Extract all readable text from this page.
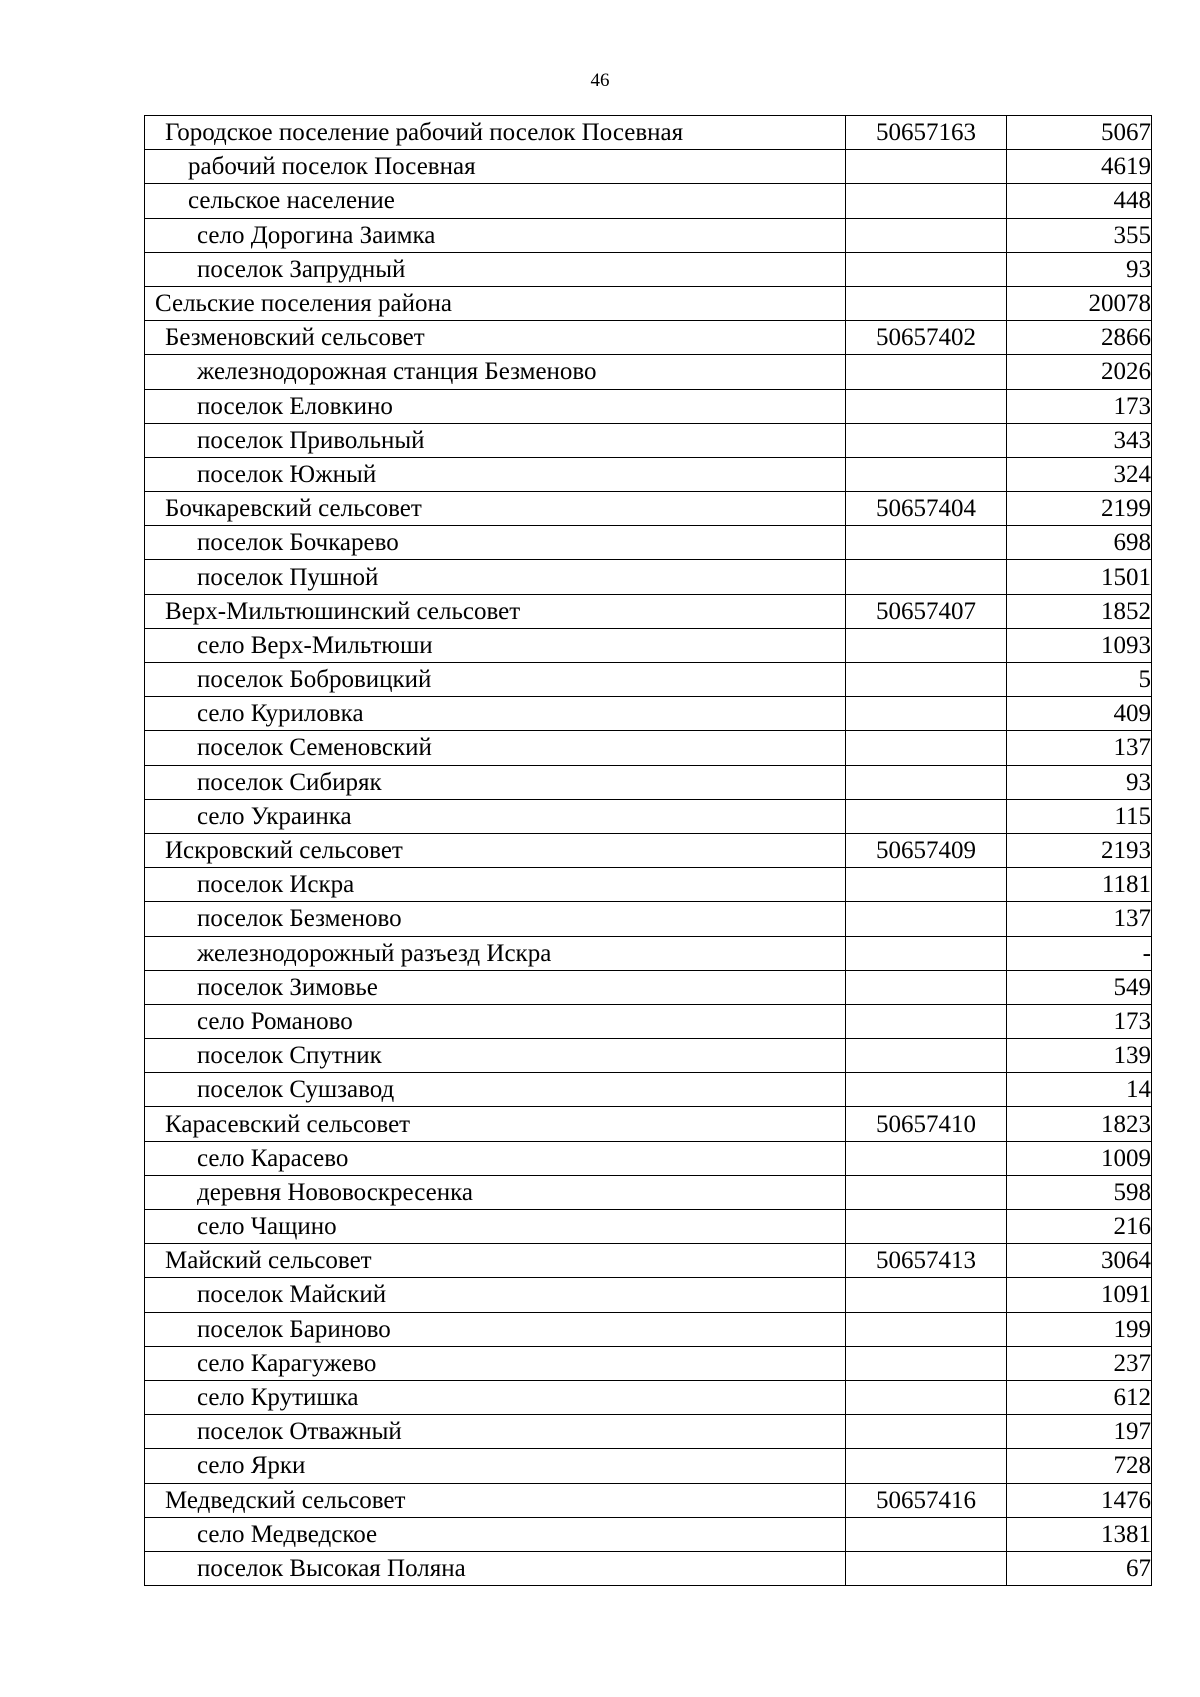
46
Городское поселение рабочий поселок Посевная	50657163	5067
рабочий поселок Посевная		4619
сельское население		448
село Дорогина Заимка		355
поселок Запрудный		93
Сельские поселения района		20078
Безменовский сельсовет	50657402	2866
железнодорожная станция Безменово		2026
поселок Еловкино		173
поселок Привольный		343
поселок Южный		324
Бочкаревский сельсовет	50657404	2199
поселок Бочкарево		698
поселок Пушной		1501
Верх-Мильтюшинский сельсовет	50657407	1852
село Верх-Мильтюши		1093
поселок Бобровицкий		5
село Куриловка		409
поселок Семеновский		137
поселок Сибиряк		93
село Украинка		115
Искровский сельсовет	50657409	2193
поселок Искра		1181
поселок Безменово		137
железнодорожный разъезд Искра		-
поселок Зимовье		549
село Романово		173
поселок Спутник		139
поселок Сушзавод		14
Карасевский сельсовет	50657410	1823
село Карасево		1009
деревня Нововоскресенка		598
село Чащино		216
Майский сельсовет	50657413	3064
поселок Майский		1091
поселок Бариново		199
село Карагужево		237
село Крутишка		612
поселок Отважный		197
село Ярки		728
Медведский сельсовет	50657416	1476
село Медведское		1381
поселок Высокая Поляна		67
